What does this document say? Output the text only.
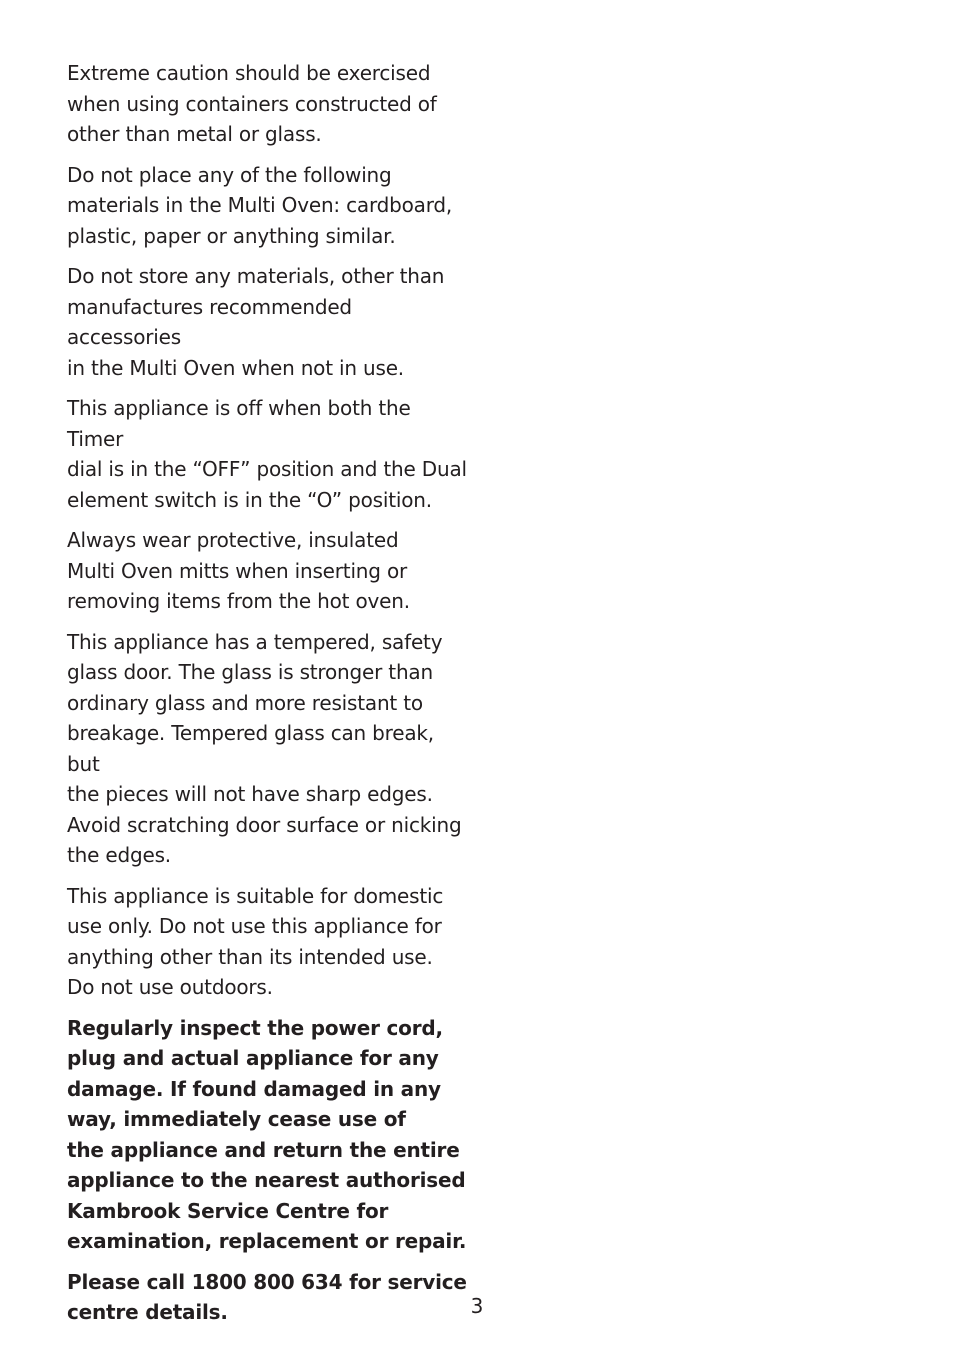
Extreme caution should be exercised
when using containers constructed of
other than metal or glass.

Do not place any of the following
materials in the Multi Oven: cardboard,
plastic, paper or anything similar.

Do not store any materials, other than
manufactures recommended accessories
in the Multi Oven when not in use.

This appliance is off when both the Timer
dial is in the “OFF” position and the Dual
element switch is in the “O” position.

Always wear protective, insulated
Multi Oven mitts when inserting or
removing items from the hot oven.

This appliance has a tempered, safety
glass door. The glass is stronger than
ordinary glass and more resistant to
breakage. Tempered glass can break, but
the pieces will not have sharp edges.
Avoid scratching door surface or nicking
the edges.

This appliance is suitable for domestic
use only. Do not use this appliance for
anything other than its intended use.
Do not use outdoors.

Regularly inspect the power cord,
plug and actual appliance for any
damage. If found damaged in any
way, immediately cease use of
the appliance and return the entire
appliance to the nearest authorised
Kambrook Service Centre for
examination, replacement or repair.

Please call 1800 800 634 for service
centre details.	3
